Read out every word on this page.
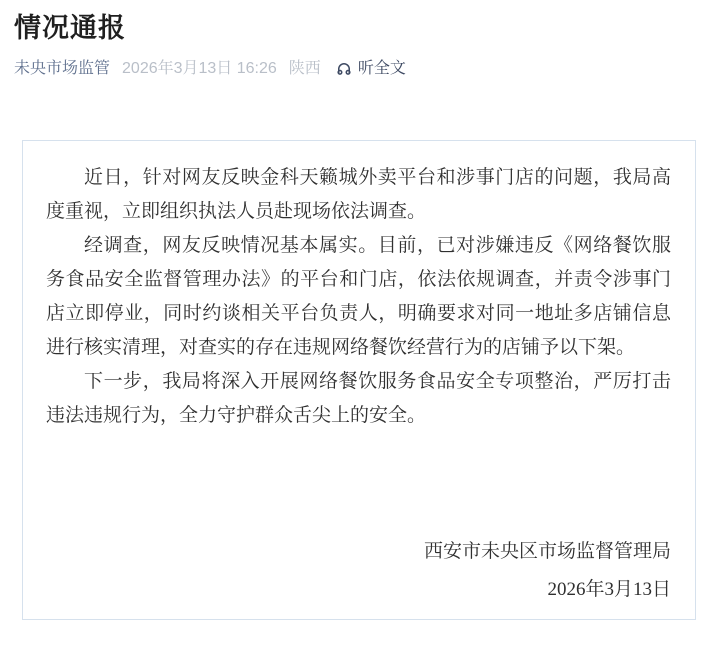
情况通报
未央市场监管 2026年3月13日 16:26 陕西 听全文

近日，针对网友反映金科天籁城外卖平台和涉事门店的问题，我局高度重视，立即组织执法人员赴现场依法调查。

经调查，网友反映情况基本属实。目前，已对涉嫌违反《网络餐饮服务食品安全监督管理办法》的平台和门店，依法依规调查，并责令涉事门店立即停业，同时约谈相关平台负责人，明确要求对同一地址多店铺信息进行核实清理，对查实的存在违规网络餐饮经营行为的店铺予以下架。

下一步，我局将深入开展网络餐饮服务食品安全专项整治，严厉打击违法违规行为，全力守护群众舌尖上的安全。

西安市未央区市场监督管理局

2026年3月13日
